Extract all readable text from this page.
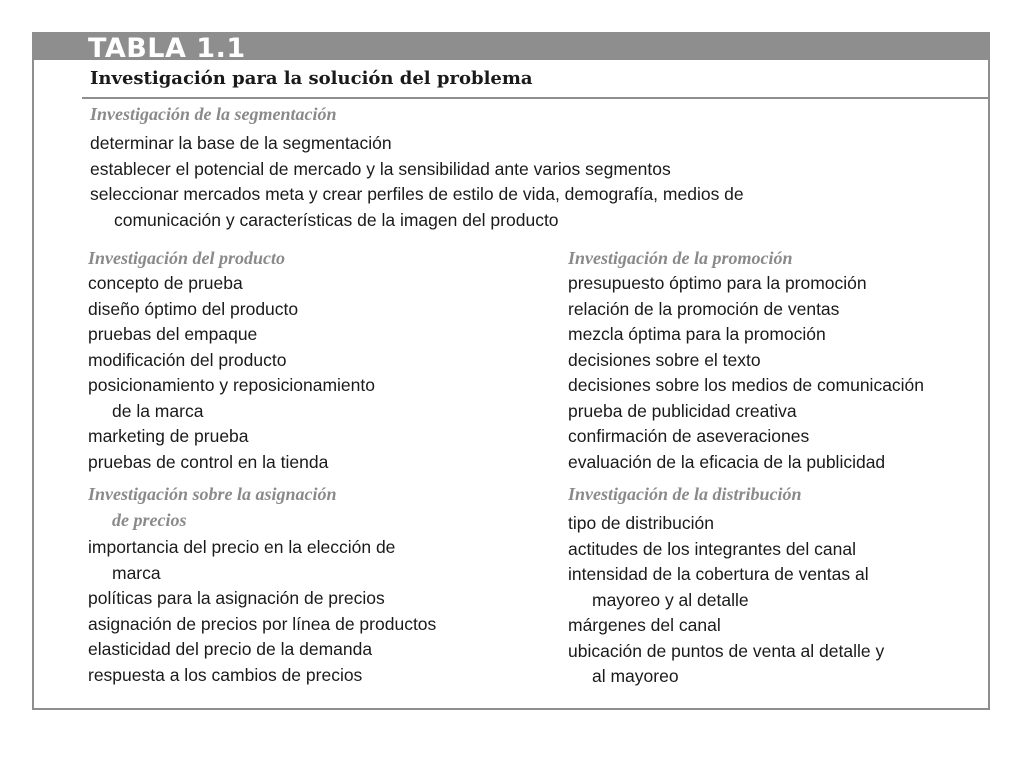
TABLA 1.1
Investigación para la solución del problema
Investigación de la segmentación
determinar la base de la segmentación
establecer el potencial de mercado y la sensibilidad ante varios segmentos
seleccionar mercados meta y crear perfiles de estilo de vida, demografía, medios de
comunicación y características de la imagen del producto
Investigación del producto
concepto de prueba
diseño óptimo del producto
pruebas del empaque
modificación del producto
posicionamiento y reposicionamiento
de la marca
marketing de prueba
pruebas de control en la tienda
Investigación de la promoción
presupuesto óptimo para la promoción
relación de la promoción de ventas
mezcla óptima para la promoción
decisiones sobre el texto
decisiones sobre los medios de comunicación
prueba de publicidad creativa
confirmación de aseveraciones
evaluación de la eficacia de la publicidad
Investigación sobre la asignación
de precios
importancia del precio en la elección de
marca
políticas para la asignación de precios
asignación de precios por línea de productos
elasticidad del precio de la demanda
respuesta a los cambios de precios
Investigación de la distribución
tipo de distribución
actitudes de los integrantes del canal
intensidad de la cobertura de ventas al
mayoreo y al detalle
márgenes del canal
ubicación de puntos de venta al detalle y
al mayoreo
